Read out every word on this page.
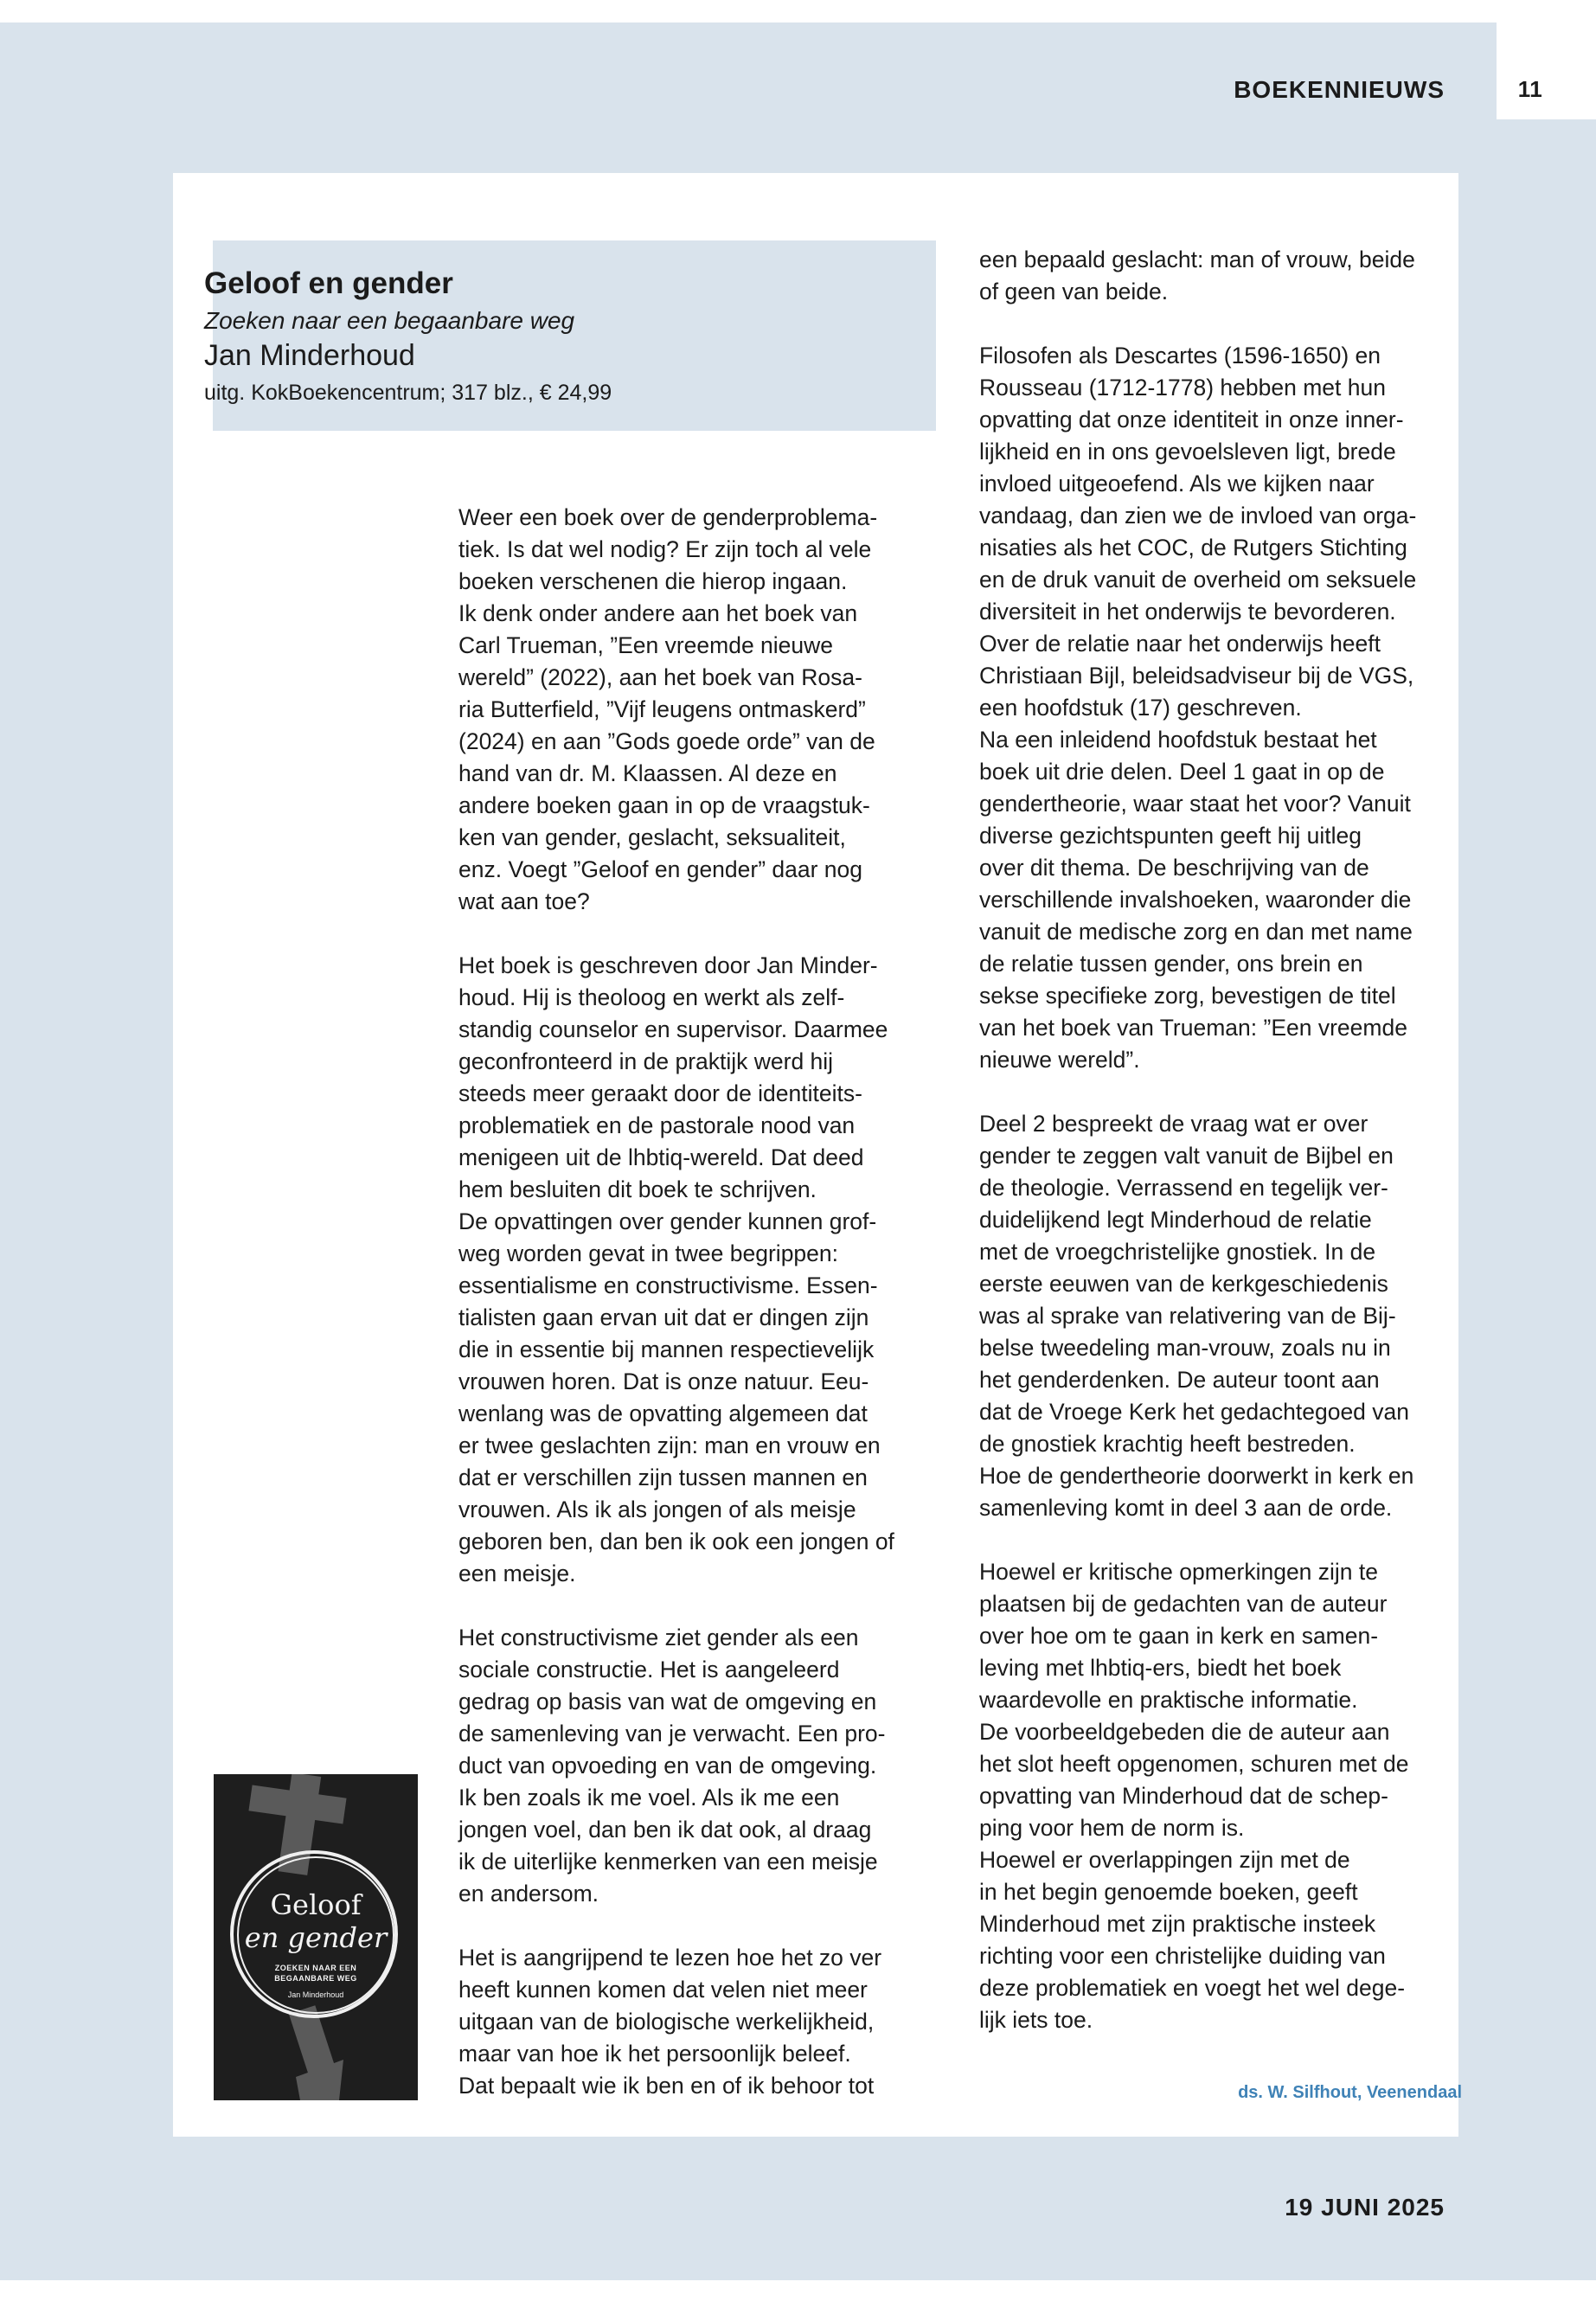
BOEKENNIEUWS	11
Geloof en gender
Zoeken naar een begaanbare weg
Jan Minderhoud
uitg. KokBoekencentrum; 317 blz., € 24,99

Weer een boek over de genderproblema-
tiek. Is dat wel nodig? Er zijn toch al vele
boeken verschenen die hierop ingaan.
Ik denk onder andere aan het boek van
Carl Trueman, ”Een vreemde nieuwe
wereld” (2022), aan het boek van Rosa-
ria Butterfield, ”Vijf leugens ontmaskerd”
(2024) en aan ”Gods goede orde” van de
hand van dr. M. Klaassen. Al deze en
andere boeken gaan in op de vraagstuk-
ken van gender, geslacht, seksualiteit,
enz. Voegt ”Geloof en gender” daar nog
wat aan toe?

Het boek is geschreven door Jan Minder-
houd. Hij is theoloog en werkt als zelf-
standig counselor en supervisor. Daarmee
geconfronteerd in de praktijk werd hij
steeds meer geraakt door de identiteits-
problematiek en de pastorale nood van
menigeen uit de lhbtiq-wereld. Dat deed
hem besluiten dit boek te schrijven.
De opvattingen over gender kunnen grof-
weg worden gevat in twee begrippen:
essentialisme en constructivisme. Essen-
tialisten gaan ervan uit dat er dingen zijn
die in essentie bij mannen respectievelijk
vrouwen horen. Dat is onze natuur. Eeu-
wenlang was de opvatting algemeen dat
er twee geslachten zijn: man en vrouw en
dat er verschillen zijn tussen mannen en
vrouwen. Als ik als jongen of als meisje
geboren ben, dan ben ik ook een jongen of
een meisje.

Het constructivisme ziet gender als een
sociale constructie. Het is aangeleerd
gedrag op basis van wat de omgeving en
de samenleving van je verwacht. Een pro-
duct van opvoeding en van de omgeving.
Ik ben zoals ik me voel. Als ik me een
jongen voel, dan ben ik dat ook, al draag
ik de uiterlijke kenmerken van een meisje
en andersom.

Het is aangrijpend te lezen hoe het zo ver
heeft kunnen komen dat velen niet meer
uitgaan van de biologische werkelijkheid,
maar van hoe ik het persoonlijk beleef.
Dat bepaalt wie ik ben en of ik behoor tot

een bepaald geslacht: man of vrouw, beide
of geen van beide.

Filosofen als Descartes (1596-1650) en
Rousseau (1712-1778) hebben met hun
opvatting dat onze identiteit in onze inner-
lijkheid en in ons gevoelsleven ligt, brede
invloed uitgeoefend. Als we kijken naar
vandaag, dan zien we de invloed van orga-
nisaties als het COC, de Rutgers Stichting
en de druk vanuit de overheid om seksuele
diversiteit in het onderwijs te bevorderen.
Over de relatie naar het onderwijs heeft
Christiaan Bijl, beleidsadviseur bij de VGS,
een hoofdstuk (17) geschreven.
Na een inleidend hoofdstuk bestaat het
boek uit drie delen. Deel 1 gaat in op de
gendertheorie, waar staat het voor? Vanuit
diverse gezichtspunten geeft hij uitleg
over dit thema. De beschrijving van de
verschillende invalshoeken, waaronder die
vanuit de medische zorg en dan met name
de relatie tussen gender, ons brein en
sekse specifieke zorg, bevestigen de titel
van het boek van Trueman: ”Een vreemde
nieuwe wereld”.

Deel 2 bespreekt de vraag wat er over
gender te zeggen valt vanuit de Bijbel en
de theologie. Verrassend en tegelijk ver-
duidelijkend legt Minderhoud de relatie
met de vroegchristelijke gnostiek. In de
eerste eeuwen van de kerkgeschiedenis
was al sprake van relativering van de Bij-
belse tweedeling man-vrouw, zoals nu in
het genderdenken. De auteur toont aan
dat de Vroege Kerk het gedachtegoed van
de gnostiek krachtig heeft bestreden.
Hoe de gendertheorie doorwerkt in kerk en
samenleving komt in deel 3 aan de orde.

Hoewel er kritische opmerkingen zijn te
plaatsen bij de gedachten van de auteur
over hoe om te gaan in kerk en samen-
leving met lhbtiq-ers, biedt het boek
waardevolle en praktische informatie.
De voorbeeldgebeden die de auteur aan
het slot heeft opgenomen, schuren met de
opvatting van Minderhoud dat de schep-
ping voor hem de norm is.
Hoewel er overlappingen zijn met de
in het begin genoemde boeken, geeft
Minderhoud met zijn praktische insteek
richting voor een christelijke duiding van
deze problematiek en voegt het wel dege-
lijk iets toe.

Geloof
en gender
ZOEKEN NAAR EEN BEGAANBARE WEG
Jan Minderhoud
ds. W. Silfhout, Veenendaal
19 JUNI 2025
